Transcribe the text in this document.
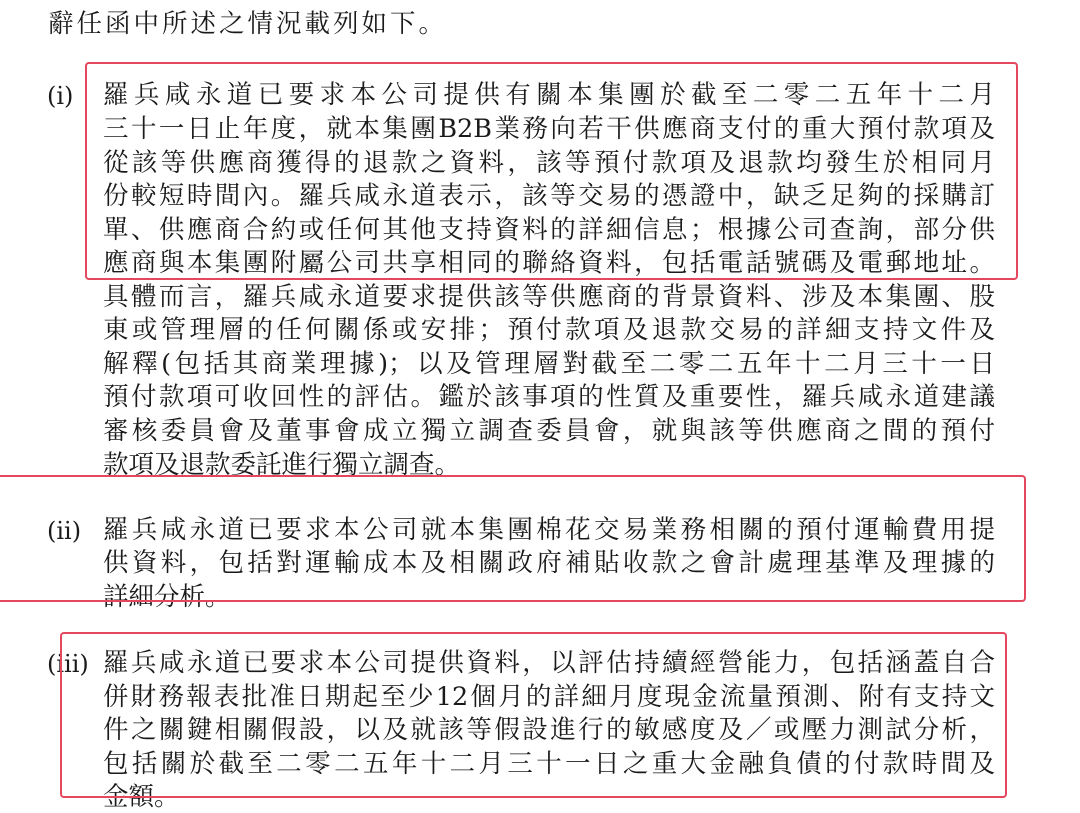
辭任函中所述之情況載列如下。
(i) 羅兵咸永道已要求本公司提供有關本集團於截至二零二五年十二月
三十一日止年度，就本集團B2B業務向若干供應商支付的重大預付款項及
從該等供應商獲得的退款之資料，該等預付款項及退款均發生於相同月
份較短時間內。羅兵咸永道表示，該等交易的憑證中，缺乏足夠的採購訂
單、供應商合約或任何其他支持資料的詳細信息；根據公司查詢，部分供
應商與本集團附屬公司共享相同的聯絡資料，包括電話號碼及電郵地址。
具體而言，羅兵咸永道要求提供該等供應商的背景資料、涉及本集團、股
東或管理層的任何關係或安排；預付款項及退款交易的詳細支持文件及
解釋(包括其商業理據)；以及管理層對截至二零二五年十二月三十一日
預付款項可收回性的評估。鑑於該事項的性質及重要性，羅兵咸永道建議
審核委員會及董事會成立獨立調查委員會，就與該等供應商之間的預付
款項及退款委託進行獨立調查。
(ii) 羅兵咸永道已要求本公司就本集團棉花交易業務相關的預付運輸費用提
供資料，包括對運輸成本及相關政府補貼收款之會計處理基準及理據的
詳細分析。
(iii) 羅兵咸永道已要求本公司提供資料，以評估持續經營能力，包括涵蓋自合
併財務報表批准日期起至少12個月的詳細月度現金流量預測、附有支持文
件之關鍵相關假設，以及就該等假設進行的敏感度及／或壓力測試分析，
包括關於截至二零二五年十二月三十一日之重大金融負債的付款時間及
金額。
